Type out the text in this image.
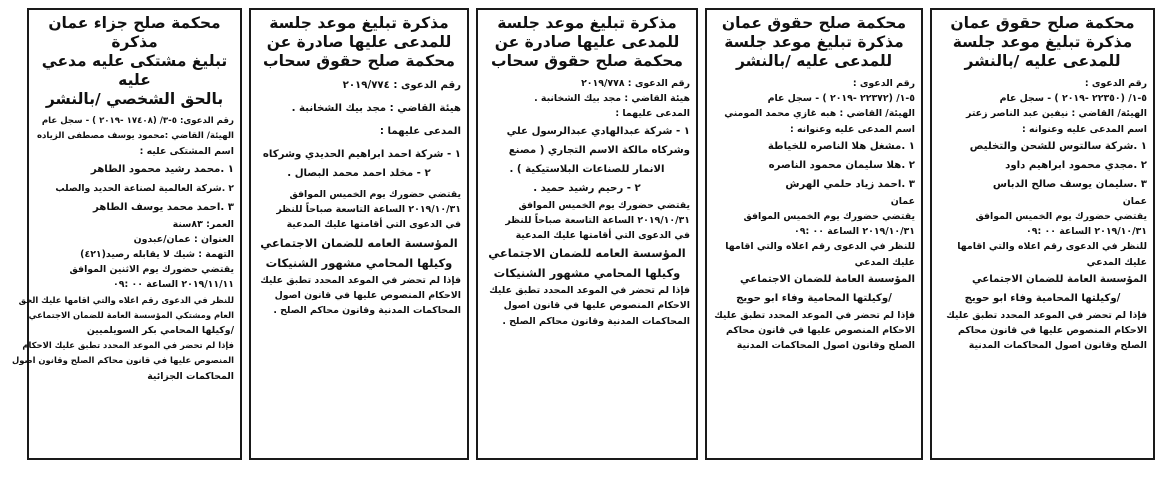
محكمة صلح حقوق عمان
مذكرة تبليغ موعد جلسة
للمدعى عليه /بالنشر
رقم الدعوى :
٥-١/ (٢٢٣٥٠ -٢٠١٩ ) - سجل عام
الهيئة/ القاضي : نيفين عبد الناصر زعتر
اسم المدعى عليه وعنوانه :
١ .شركة سالتوس للشحن والتخليص
٢ .مجدي محمود ابراهيم داود
٣ .سليمان يوسف صالح الدباس
عمان
يقتضي حضورك يوم الخميس الموافق
٢٠١٩/١٠/٣١ الساعة ٠٠ :٠٩
للنظر في الدعوى رقم اعلاه والتي اقامها
عليك المدعي
المؤسسة العامة للضمان الاجتماعي
/وكيلتها المحامية وفاء ابو حويج
فإذا لم تحضر في الموعد المحدد تطبق عليك
الاحكام المنصوص عليها في قانون محاكم
الصلح وقانون اصول المحاكمات المدنية
محكمة صلح حقوق عمان
مذكرة تبليغ موعد جلسة
للمدعى عليه /بالنشر
رقم الدعوى :
٥-١/ (٢٢٣٧٢ -٢٠١٩ ) - سجل عام
الهيئة/ القاضي : هبه غازي محمد المومني
اسم المدعى عليه وعنوانه :
١ .مشغل هلا الناصره للخياطة
٢ .هلا سليمان محمود الناصره
٣ .احمد زياد حلمي الهرش
عمان
يقتضي حضورك يوم الخميس الموافق
٢٠١٩/١٠/٣١ الساعة ٠٠ :٠٩
للنظر في الدعوى رقم اعلاه والتي اقامها
عليك المدعي
المؤسسة العامة للضمان الاجتماعي
/وكيلتها المحامية وفاء ابو حويج
فإذا لم تحضر في الموعد المحدد تطبق عليك
الاحكام المنصوص عليها في قانون محاكم
الصلح وقانون اصول المحاكمات المدنية
مذكرة تبليغ موعد جلسة
للمدعى عليها صادرة عن
محكمة صلح حقوق سحاب
رقم الدعوى : ٢٠١٩/٧٧٨
هيئة القاضي : مجد بيك الشخانبة .
المدعى عليهما :
١ - شركة عبدالهادي عبدالرسول علي
وشركاه مالكة الاسم التجاري ( مصنع
الانمار للصناعات البلاستيكية ) .
٢ - رحيم رشيد حميد .
يقتضي حضورك يوم الخميس الموافق
٢٠١٩/١٠/٣١ الساعة التاسعة صباحاً للنظر
في الدعوى التي أقامتها عليك المدعية
المؤسسة العامه للضمان الاجتماعي
وكيلها المحامي مشهور الشنيكات
فإذا لم تحضر في الموعد المحدد تطبق عليك
الاحكام المنصوص عليها في قانون اصول
المحاكمات المدنية وقانون محاكم الصلح .
مذكرة تبليغ موعد جلسة
للمدعى عليها صادرة عن
محكمة صلح حقوق سحاب
رقم الدعوى : ٢٠١٩/٧٧٤
هيئة القاضي : مجد بيك الشخانبة .
المدعى عليهما :
١ - شركة احمد ابراهيم الحديدي وشركاه
٢ - مخلد احمد محمد البصال .
يقتضي حضورك يوم الخميس الموافق
٢٠١٩/١٠/٣١ الساعة التاسعة صباحاً للنظر
في الدعوى التي أقامتها عليك المدعية
المؤسسة العامه للضمان الاجتماعي
وكيلها المحامي مشهور الشنيكات
فإذا لم تحضر في الموعد المحدد تطبق عليك
الاحكام المنصوص عليها في قانون اصول
المحاكمات المدنية وقانون محاكم الصلح .
محكمة صلح جزاء عمان مذكرة
تبليغ مشتكى عليه مدعي عليه
بالحق الشخصي /بالنشر
رقم الدعوى: ٥-٣/ (١٧٤٠٨ -٢٠١٩ ) - سجل عام
الهيئة/ القاضي :محمود يوسف مصطفى الزياده
اسم المشتكى عليه :
١ .محمد رشيد محمود الطاهر
٢ .شركة العالمية لصناعة الحديد والصلب
٣ .احمد محمد يوسف الطاهر
العمر: ٨٣سنة
العنوان : عمان/عبدون
التهمة : شيك لا يقابله رصيد(٤٢١)
يقتضي حضورك يوم الاثنين الموافق
٢٠١٩/١١/١١ الساعة ٠٠ :٠٩
للنظر في الدعوى رقم اعلاه والتي اقامها عليك الحق
العام ومشتكي المؤسسة العامة للضمان الاجتماعي
/وكيلها المحامي بكر السويلميين
فإذا لم تحضر في الموعد المحدد تطبق عليك الاحكام
المنصوص عليها في قانون محاكم الصلح وقانون اصول
المحاكمات الجزائية
